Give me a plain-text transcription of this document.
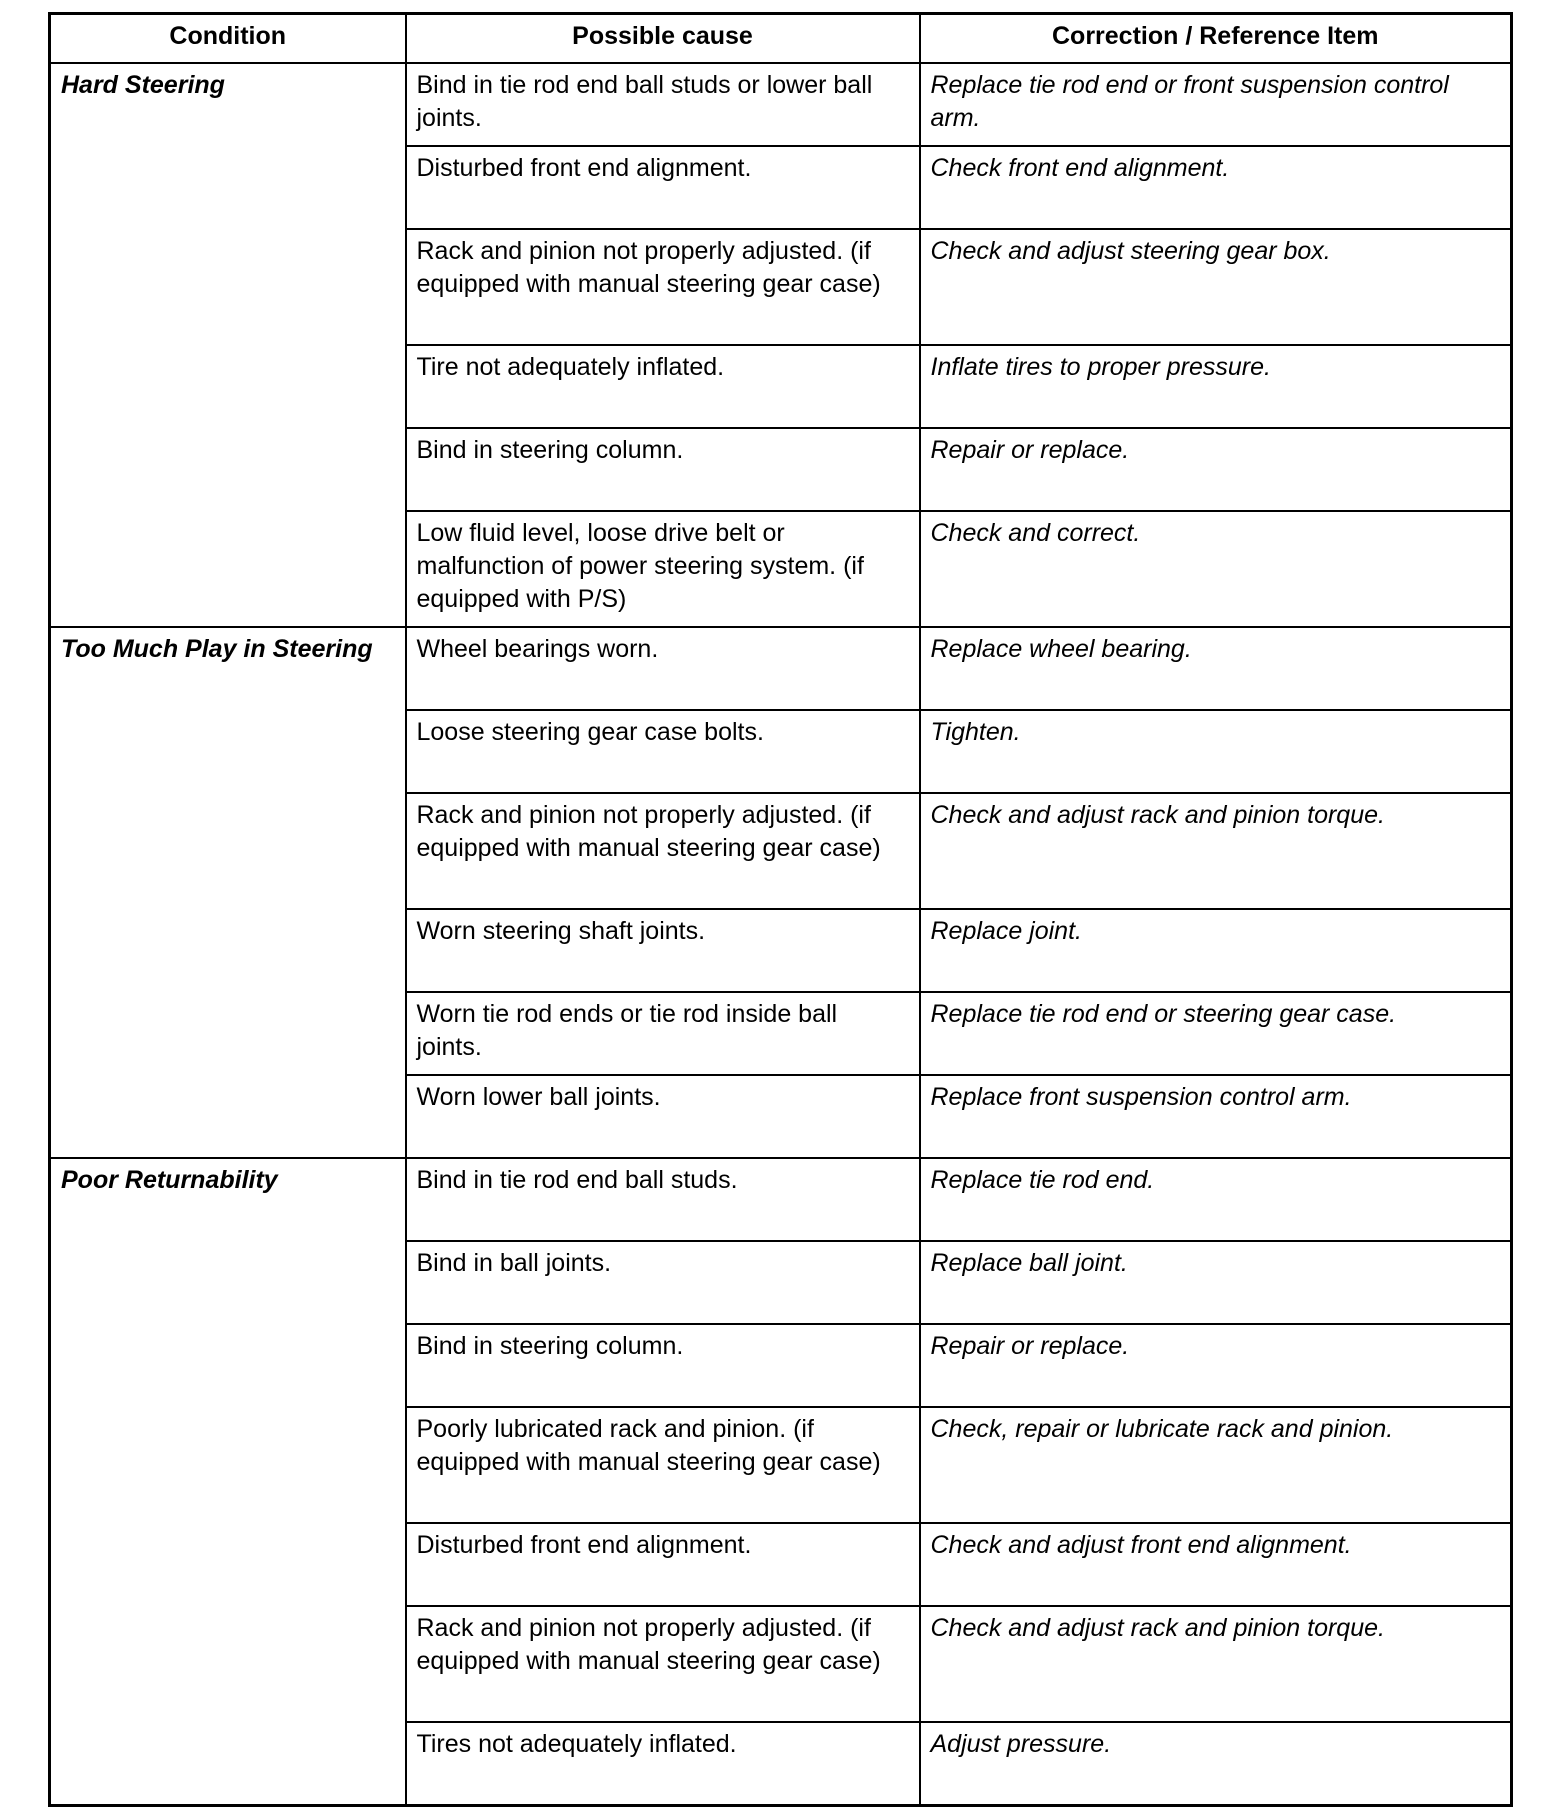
Condition	Possible cause	Correction / Reference Item
Hard Steering	Bind in tie rod end ball studs or lower ball joints.	Replace tie rod end or front suspension control arm.
	Disturbed front end alignment.	Check front end alignment.
	Rack and pinion not properly adjusted. (if equipped with manual steering gear case)	Check and adjust steering gear box.
	Tire not adequately inflated.	Inflate tires to proper pressure.
	Bind in steering column.	Repair or replace.
	Low fluid level, loose drive belt or malfunction of power steering system. (if equipped with P/S)	Check and correct.
Too Much Play in Steering	Wheel bearings worn.	Replace wheel bearing.
	Loose steering gear case bolts.	Tighten.
	Rack and pinion not properly adjusted. (if equipped with manual steering gear case)	Check and adjust rack and pinion torque.
	Worn steering shaft joints.	Replace joint.
	Worn tie rod ends or tie rod inside ball joints.	Replace tie rod end or steering gear case.
	Worn lower ball joints.	Replace front suspension control arm.
Poor Returnability	Bind in tie rod end ball studs.	Replace tie rod end.
	Bind in ball joints.	Replace ball joint.
	Bind in steering column.	Repair or replace.
	Poorly lubricated rack and pinion. (if equipped with manual steering gear case)	Check, repair or lubricate rack and pinion.
	Disturbed front end alignment.	Check and adjust front end alignment.
	Rack and pinion not properly adjusted. (if equipped with manual steering gear case)	Check and adjust rack and pinion torque.
	Tires not adequately inflated.	Adjust pressure.
